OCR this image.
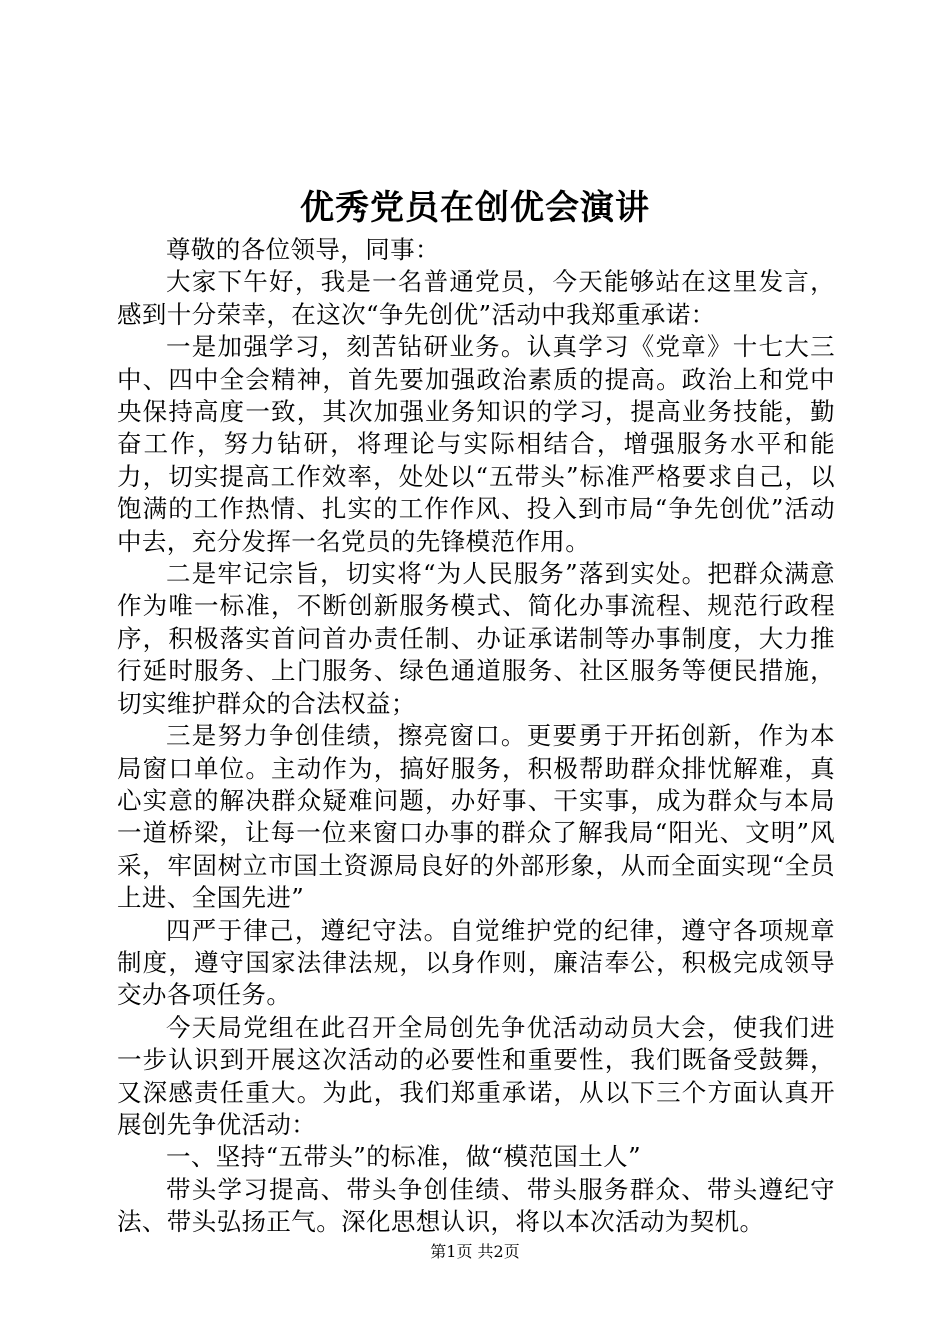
优秀党员在创优会演讲

尊敬的各位领导，同事：

大家下午好，我是一名普通党员，今天能够站在这里发言，感到十分荣幸，在这次“争先创优”活动中我郑重承诺：

一是加强学习，刻苦钻研业务。认真学习《党章》十七大三中、四中全会精神，首先要加强政治素质的提高。政治上和党中央保持高度一致，其次加强业务知识的学习，提高业务技能，勤奋工作，努力钻研，将理论与实际相结合，增强服务水平和能力，切实提高工作效率，处处以“五带头”标准严格要求自己，以饱满的工作热情、扎实的工作作风、投入到市局“争先创优”活动中去，充分发挥一名党员的先锋模范作用。

二是牢记宗旨，切实将“为人民服务”落到实处。把群众满意作为唯一标准，不断创新服务模式、简化办事流程、规范行政程序，积极落实首问首办责任制、办证承诺制等办事制度，大力推行延时服务、上门服务、绿色通道服务、社区服务等便民措施，切实维护群众的合法权益；

三是努力争创佳绩，擦亮窗口。更要勇于开拓创新，作为本局窗口单位。主动作为，搞好服务，积极帮助群众排忧解难，真心实意的解决群众疑难问题，办好事、干实事，成为群众与本局一道桥梁，让每一位来窗口办事的群众了解我局“阳光、文明”风采，牢固树立市国土资源局良好的外部形象，从而全面实现“全员上进、全国先进”

四严于律己，遵纪守法。自觉维护党的纪律，遵守各项规章制度，遵守国家法律法规，以身作则，廉洁奉公，积极完成领导交办各项任务。

今天局党组在此召开全局创先争优活动动员大会，使我们进一步认识到开展这次活动的必要性和重要性，我们既备受鼓舞，又深感责任重大。为此，我们郑重承诺，从以下三个方面认真开展创先争优活动：

一、坚持“五带头”的标准，做“模范国土人”

带头学习提高、带头争创佳绩、带头服务群众、带头遵纪守法、带头弘扬正气。深化思想认识，将以本次活动为契机。

第1页 共2页
